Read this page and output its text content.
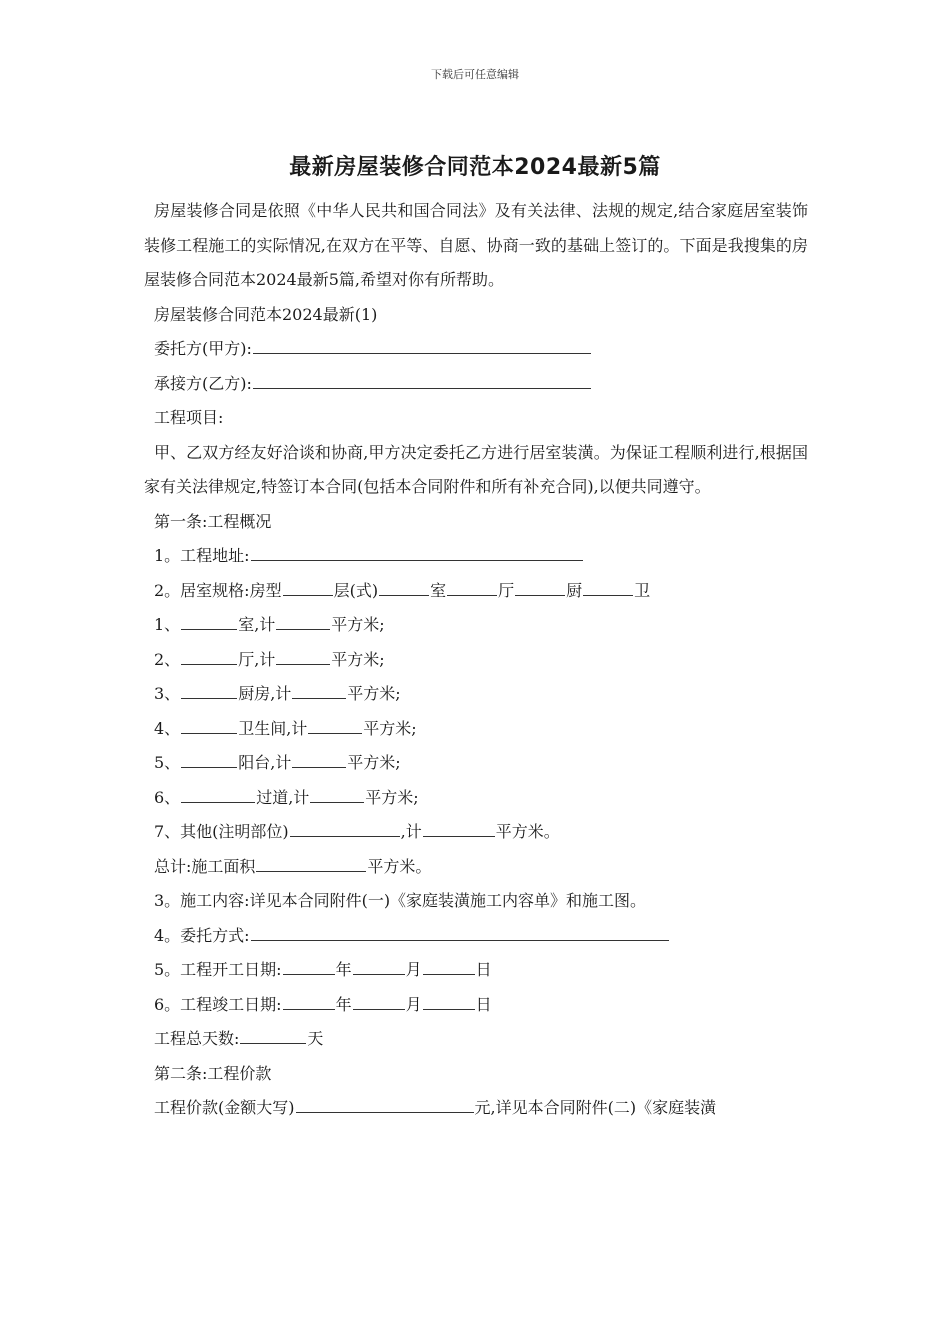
下载后可任意编辑
最新房屋装修合同范本2024最新5篇

房屋装修合同是依照《中华人民共和国合同法》及有关法律、法规的规定,结合家庭居室装饰装修工程施工的实际情况,在双方在平等、自愿、协商一致的基础上签订的。下面是我搜集的房屋装修合同范本2024最新5篇,希望对你有所帮助。

房屋装修合同范本2024最新(1)
委托方(甲方):
承接方(乙方):
工程项目:

甲、乙双方经友好洽谈和协商,甲方决定委托乙方进行居室装潢。为保证工程顺利进行,根据国家有关法律规定,特签订本合同(包括本合同附件和所有补充合同),以便共同遵守。

第一条:工程概况
1。工程地址:
2。居室规格:房型	层(式)	室	厅	厨	卫
1、	室,计	平方米;
2、	厅,计	平方米;
3、	厨房,计	平方米;
4、	卫生间,计	平方米;
5、	阳台,计	平方米;
6、	过道,计	平方米;
7、其他(注明部位)	,计	平方米。
总计:施工面积	平方米。
3。施工内容:详见本合同附件(一)《家庭装潢施工内容单》和施工图。
4。委托方式:
5。工程开工日期:	年	月	日
6。工程竣工日期:	年	月	日
工程总天数:	天
第二条:工程价款
工程价款(金额大写)	元,详见本合同附件(二)《家庭装潢
